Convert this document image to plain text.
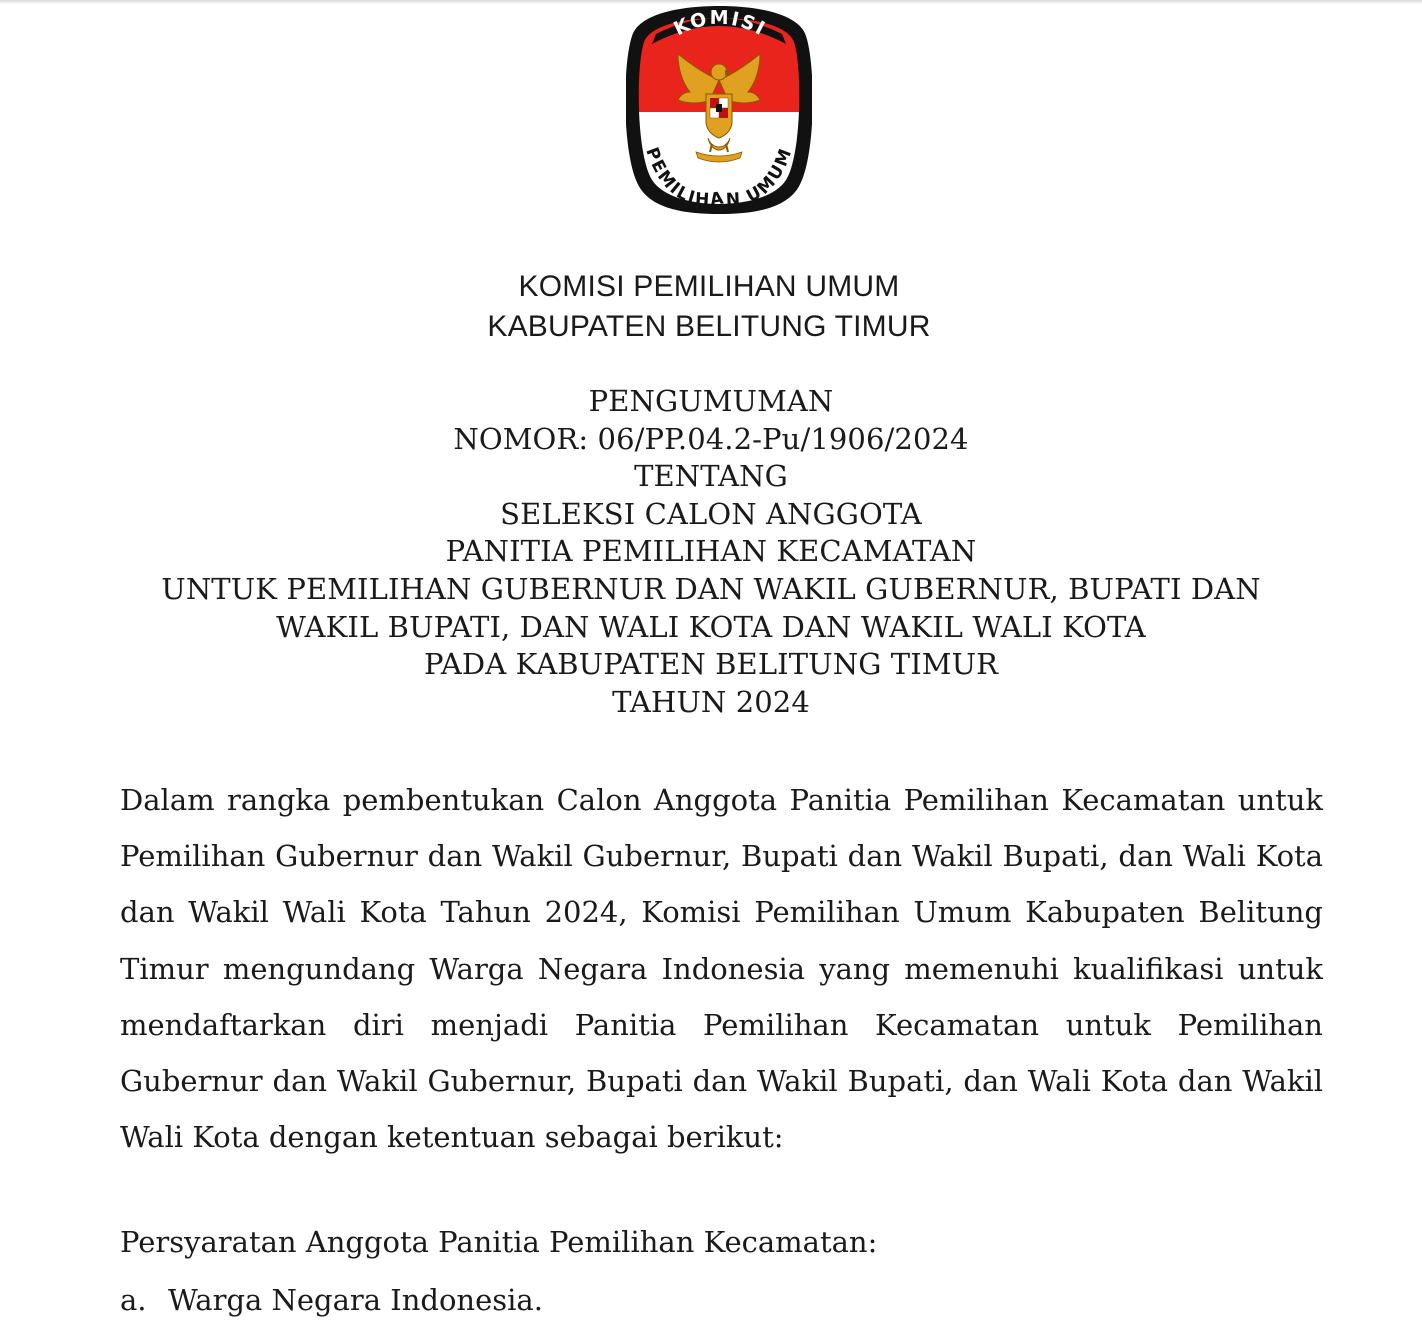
KOMISI
PEMILIHAN UMUM
KOMISI PEMILIHAN UMUM
KABUPATEN BELITUNG TIMUR
PENGUMUMAN
NOMOR: 06/PP.04.2-Pu/1906/2024
TENTANG
SELEKSI CALON ANGGOTA
PANITIA PEMILIHAN KECAMATAN
UNTUK PEMILIHAN GUBERNUR DAN WAKIL GUBERNUR, BUPATI DAN
WAKIL BUPATI, DAN WALI KOTA DAN WAKIL WALI KOTA
PADA KABUPATEN BELITUNG TIMUR
TAHUN 2024

Dalam rangka pembentukan Calon Anggota Panitia Pemilihan Kecamatan untuk Pemilihan Gubernur dan Wakil Gubernur, Bupati dan Wakil Bupati, dan Wali Kota dan Wakil Wali Kota Tahun 2024, Komisi Pemilihan Umum Kabupaten Belitung Timur mengundang Warga Negara Indonesia yang memenuhi kualifikasi untuk mendaftarkan diri menjadi Panitia Pemilihan Kecamatan untuk Pemilihan Gubernur dan Wakil Gubernur, Bupati dan Wakil Bupati, dan Wali Kota dan Wakil Wali Kota dengan ketentuan sebagai berikut:

Persyaratan Anggota Panitia Pemilihan Kecamatan:
a. Warga Negara Indonesia.
